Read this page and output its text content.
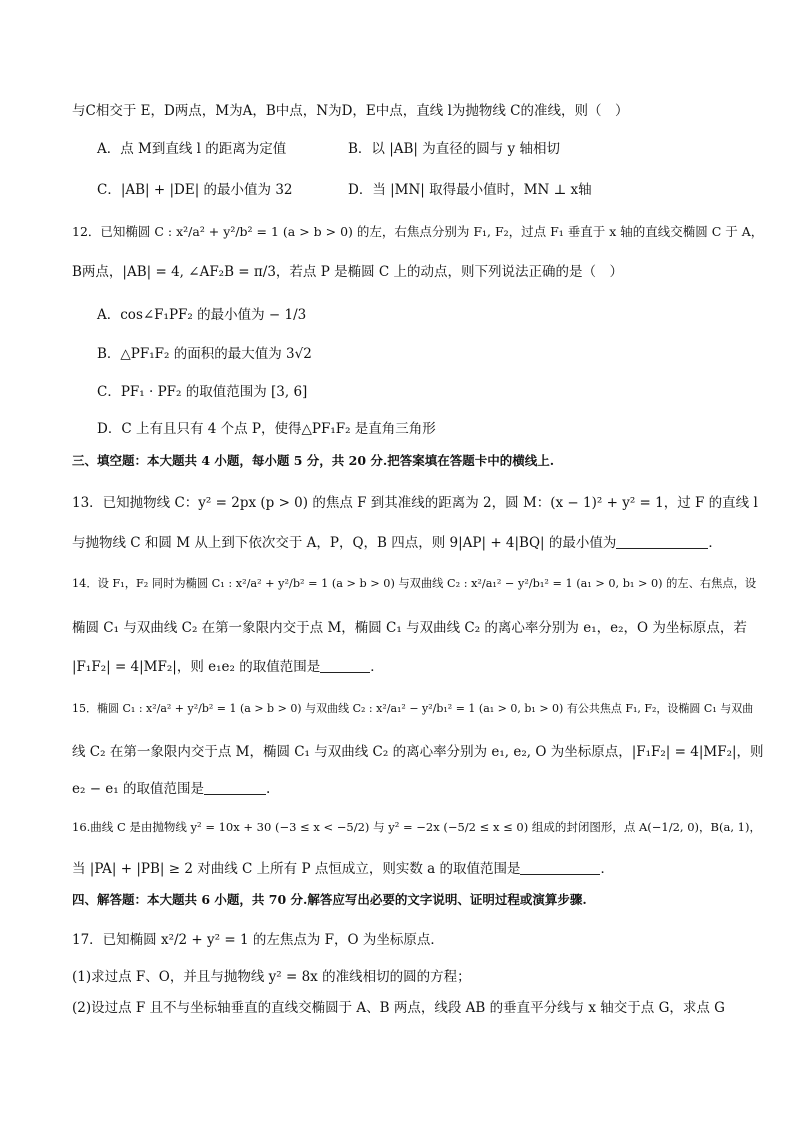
与C相交于 E，D两点，M为A，B中点，N为D，E中点，直线 l为抛物线 C的准线，则（　）
A．点 M到直线 l 的距离为定值	B．以 |AB| 为直径的圆与 y 轴相切
C．|AB| + |DE| 的最小值为 32	D．当 |MN| 取得最小值时，MN ⊥ x轴
12．已知椭圆 C : x²/a² + y²/b² = 1 (a > b > 0) 的左，右焦点分别为 F₁, F₂，过点 F₁ 垂直于 x 轴的直线交椭圆 C 于 A，
B两点，|AB| = 4, ∠AF₂B = π/3，若点 P 是椭圆 C 上的动点，则下列说法正确的是（　）
A．cos∠F₁PF₂ 的最小值为 − 1/3
B．△PF₁F₂ 的面积的最大值为 3√2
C．PF₁ · PF₂ 的取值范围为 [3, 6]
D．C 上有且只有 4 个点 P，使得△PF₁F₂ 是直角三角形
三、填空题：本大题共 4 小题，每小题 5 分，共 20 分.把答案填在答题卡中的横线上.
13．已知抛物线 C：y² = 2px (p > 0) 的焦点 F 到其准线的距离为 2，圆 M：(x − 1)² + y² = 1，过 F 的直线 l
与抛物线 C 和圆 M 从上到下依次交于 A，P，Q，B 四点，则 9|AP| + 4|BQ| 的最小值为	．
14．设 F₁，F₂ 同时为椭圆 C₁ : x²/a² + y²/b² = 1 (a > b > 0) 与双曲线 C₂ : x²/a₁² − y²/b₁² = 1 (a₁ > 0, b₁ > 0) 的左、右焦点，设
椭圆 C₁ 与双曲线 C₂ 在第一象限内交于点 M，椭圆 C₁ 与双曲线 C₂ 的离心率分别为 e₁，e₂，O 为坐标原点，若
|F₁F₂| = 4|MF₂|，则 e₁e₂ 的取值范围是	．
15．椭圆 C₁ : x²/a² + y²/b² = 1 (a > b > 0) 与双曲线 C₂ : x²/a₁² − y²/b₁² = 1 (a₁ > 0, b₁ > 0) 有公共焦点 F₁, F₂，设椭圆 C₁ 与双曲
线 C₂ 在第一象限内交于点 M，椭圆 C₁ 与双曲线 C₂ 的离心率分别为 e₁, e₂, O 为坐标原点，|F₁F₂| = 4|MF₂|，则
e₂ − e₁ 的取值范围是	.
16.曲线 C 是由抛物线 y² = 10x + 30 (−3 ≤ x < −5/2) 与 y² = −2x (−5/2 ≤ x ≤ 0) 组成的封闭图形，点 A(−1/2, 0)，B(a, 1)，
当 |PA| + |PB| ≥ 2 对曲线 C 上所有 P 点恒成立，则实数 a 的取值范围是	．
四、解答题：本大题共 6 小题，共 70 分.解答应写出必要的文字说明、证明过程或演算步骤.
17．已知椭圆 x²/2 + y² = 1 的左焦点为 F，O 为坐标原点．
(1)求过点 F、O，并且与抛物线 y² = 8x 的准线相切的圆的方程；
(2)设过点 F 且不与坐标轴垂直的直线交椭圆于 A、B 两点，线段 AB 的垂直平分线与 x 轴交于点 G，求点 G
